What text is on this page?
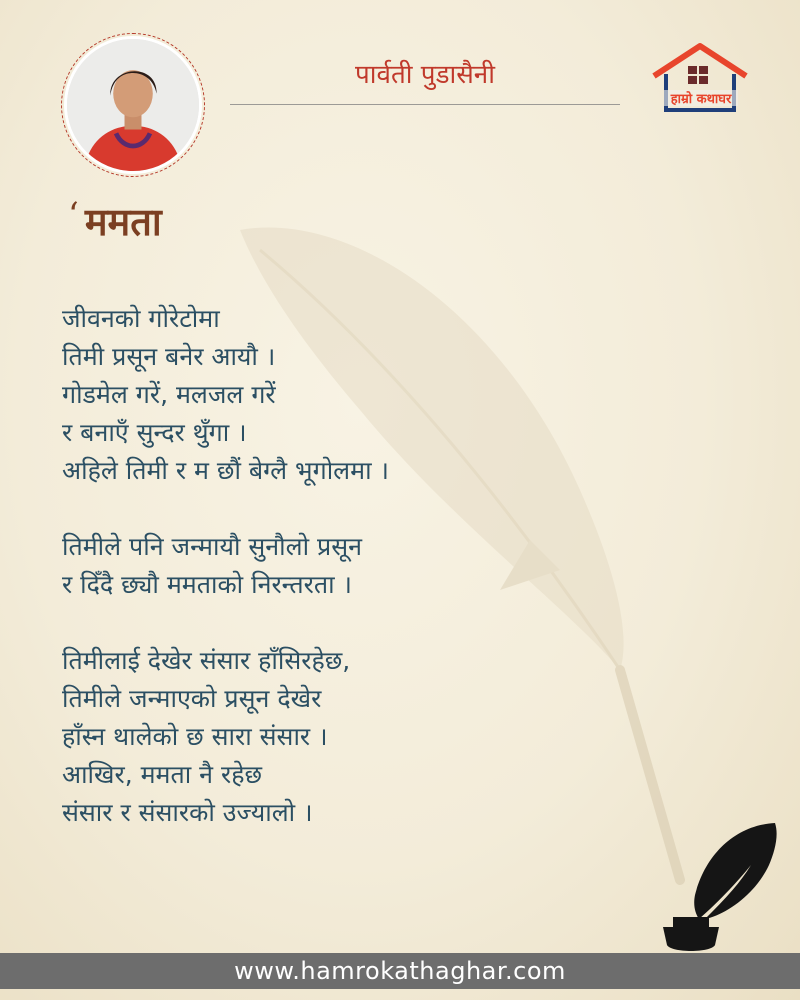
पार्वती पुडासैनी
हाम्रो कथाघर
‘ ममता
जीवनको गोरेटोमा
तिमी प्रसून बनेर आयौ ।
गोडमेल गरें, मलजल गरें
र बनाएँ सुन्दर थुँगा ।
अहिले तिमी र म छौं बेग्लै भूगोलमा ।
तिमीले पनि जन्मायौ सुनौलो प्रसून
र दिँदै छ्यौ ममताको निरन्तरता ।
तिमीलाई देखेर संसार हाँसिरहेछ,
तिमीले जन्माएको प्रसून देखेर
हाँस्न थालेको छ सारा संसार ।
आखिर, ममता नै रहेछ
संसार र संसारको उज्यालो ।
www.hamrokathaghar.com
